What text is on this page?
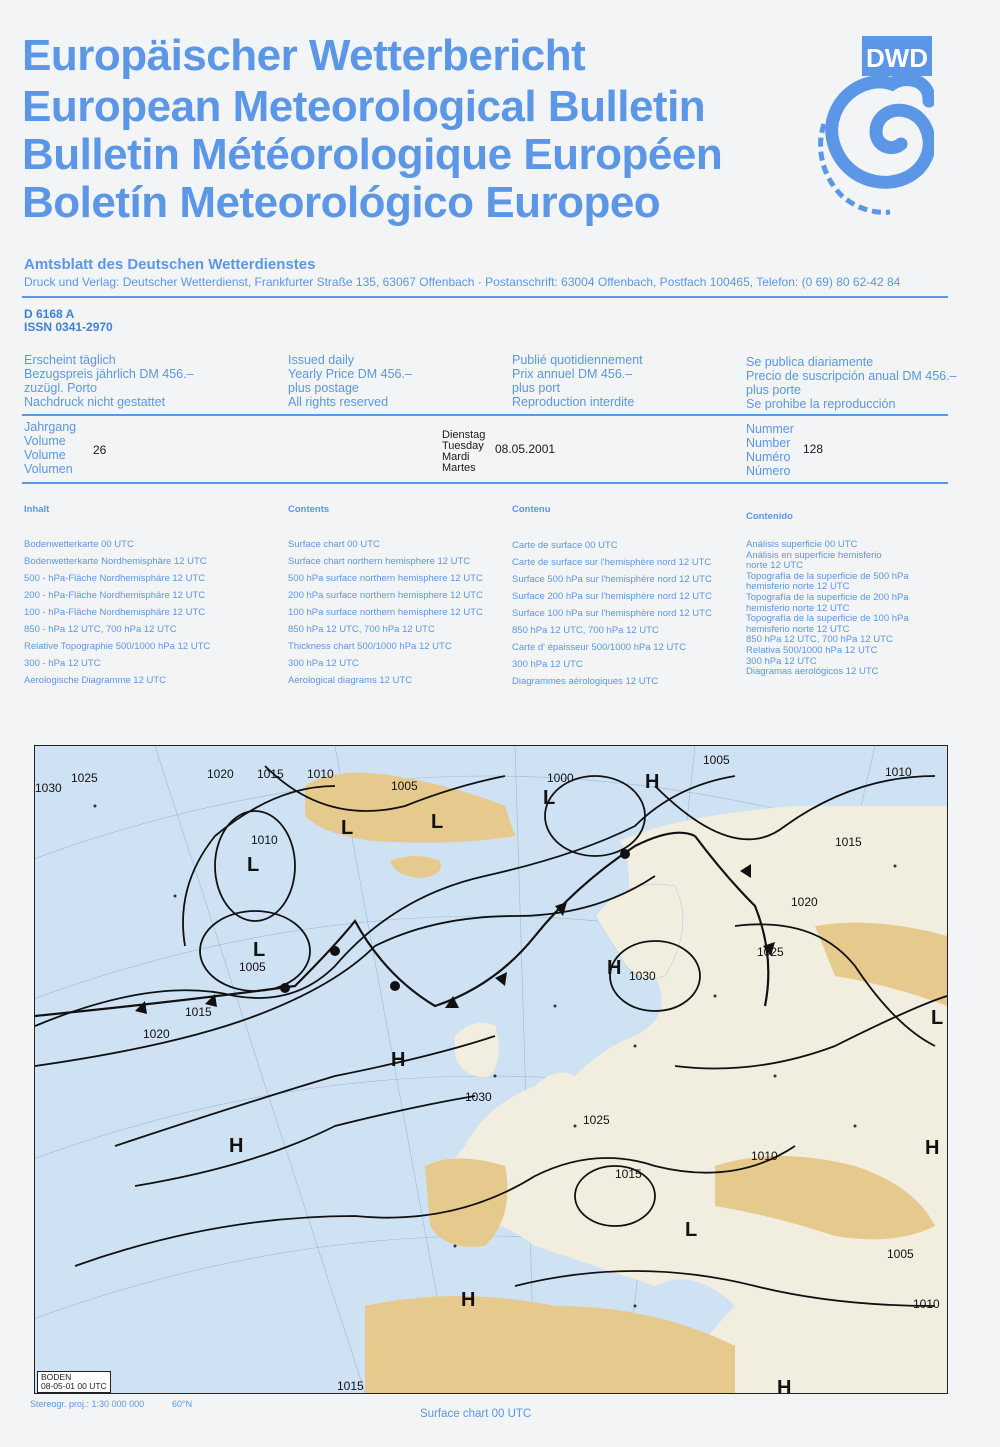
Europäischer Wetterbericht
European Meteorological Bulletin
Bulletin Météorologique Européen
Boletín Meteorológico Europeo
DWD
Amtsblatt des Deutschen Wetterdienstes
Druck und Verlag: Deutscher Wetterdienst, Frankfurter Straße 135, 63067 Offenbach · Postanschrift: 63004 Offenbach, Postfach 100465, Telefon: (0 69) 80 62-42 84
D 6168 A
ISSN 0341-2970
Erscheint täglich
Bezugspreis jährlich DM 456.–
zuzügl. Porto
Nachdruck nicht gestattet
Issued daily
Yearly Price DM 456.–
plus postage
All rights reserved
Publié quotidiennement
Prix annuel DM 456.–
plus port
Reproduction interdite
Se publica diariamente
Precio de suscripción anual DM 456.–
plus porte
Se prohibe la reproducción
Jahrgang
Volume
Volume
Volumen
26
Dienstag
Tuesday
Mardi
Martes
08.05.2001
Nummer
Number
Numéro
Número
128
Inhalt
Bodenwetterkarte 00 UTC
Bodenwetterkarte Nordhemisphäre 12 UTC
500 - hPa-Fläche Nordhemisphäre 12 UTC
200 - hPa-Fläche Nordhemisphäre 12 UTC
100 - hPa-Fläche Nordhemisphäre 12 UTC
850 - hPa 12 UTC, 700 hPa 12 UTC
Relative Topographie 500/1000 hPa 12 UTC
300 - hPa 12 UTC
Aerologische Diagramme 12 UTC
Contents
Surface chart 00 UTC
Surface chart northern hemisphere 12 UTC
500 hPa surface northern hemisphere 12 UTC
200 hPa surface northern hemisphere 12 UTC
100 hPa surface northern hemisphere 12 UTC
850 hPa 12 UTC, 700 hPa 12 UTC
Thickness chart 500/1000 hPa 12 UTC
300 hPa 12 UTC
Aerological diagrams 12 UTC
Contenu
Carte de surface 00 UTC
Carte de surface sur l'hemisphère nord 12 UTC
Surface 500 hPa sur l'hemisphère nord 12 UTC
Surface 200 hPa sur l'hemisphère nord 12 UTC
Surface 100 hPa sur l'hemisphère nord 12 UTC
850 hPa 12 UTC, 700 hPa 12 UTC
Carte d' épaisseur 500/1000 hPa 12 UTC
300 hPa 12 UTC
Diagrammes aérologiques 12 UTC
Contenido
Análisis superficie 00 UTC
Análisis en superficie hemisferio
norte 12 UTC
Topografía de la superficie de 500 hPa
hemisferio norte 12 UTC
Topografía de la superficie de 200 hPa
hemisferio norte 12 UTC
Topografía de la superficie de 100 hPa
hemisferio norte 12 UTC
850 hPa 12 UTC, 700 hPa 12 UTC
Relativa 500/1000 hPa 12 UTC
300 hPa 12 UTC
Diagramas aerológicos 12 UTC
1020 1015 1010
1005
1000
1030
1025
1010
1005
1030
1025
1015
1010
1020
1015
1030
1025
1020
1005
1010
1015
1005
1010
1015
L	L
L
L
H
H
H
H
H
H
L
L
L
H
BODEN
08-05-01 00 UTC
Stereogr. proj.: 1:30 000 000	60°N
Surface chart 00 UTC
